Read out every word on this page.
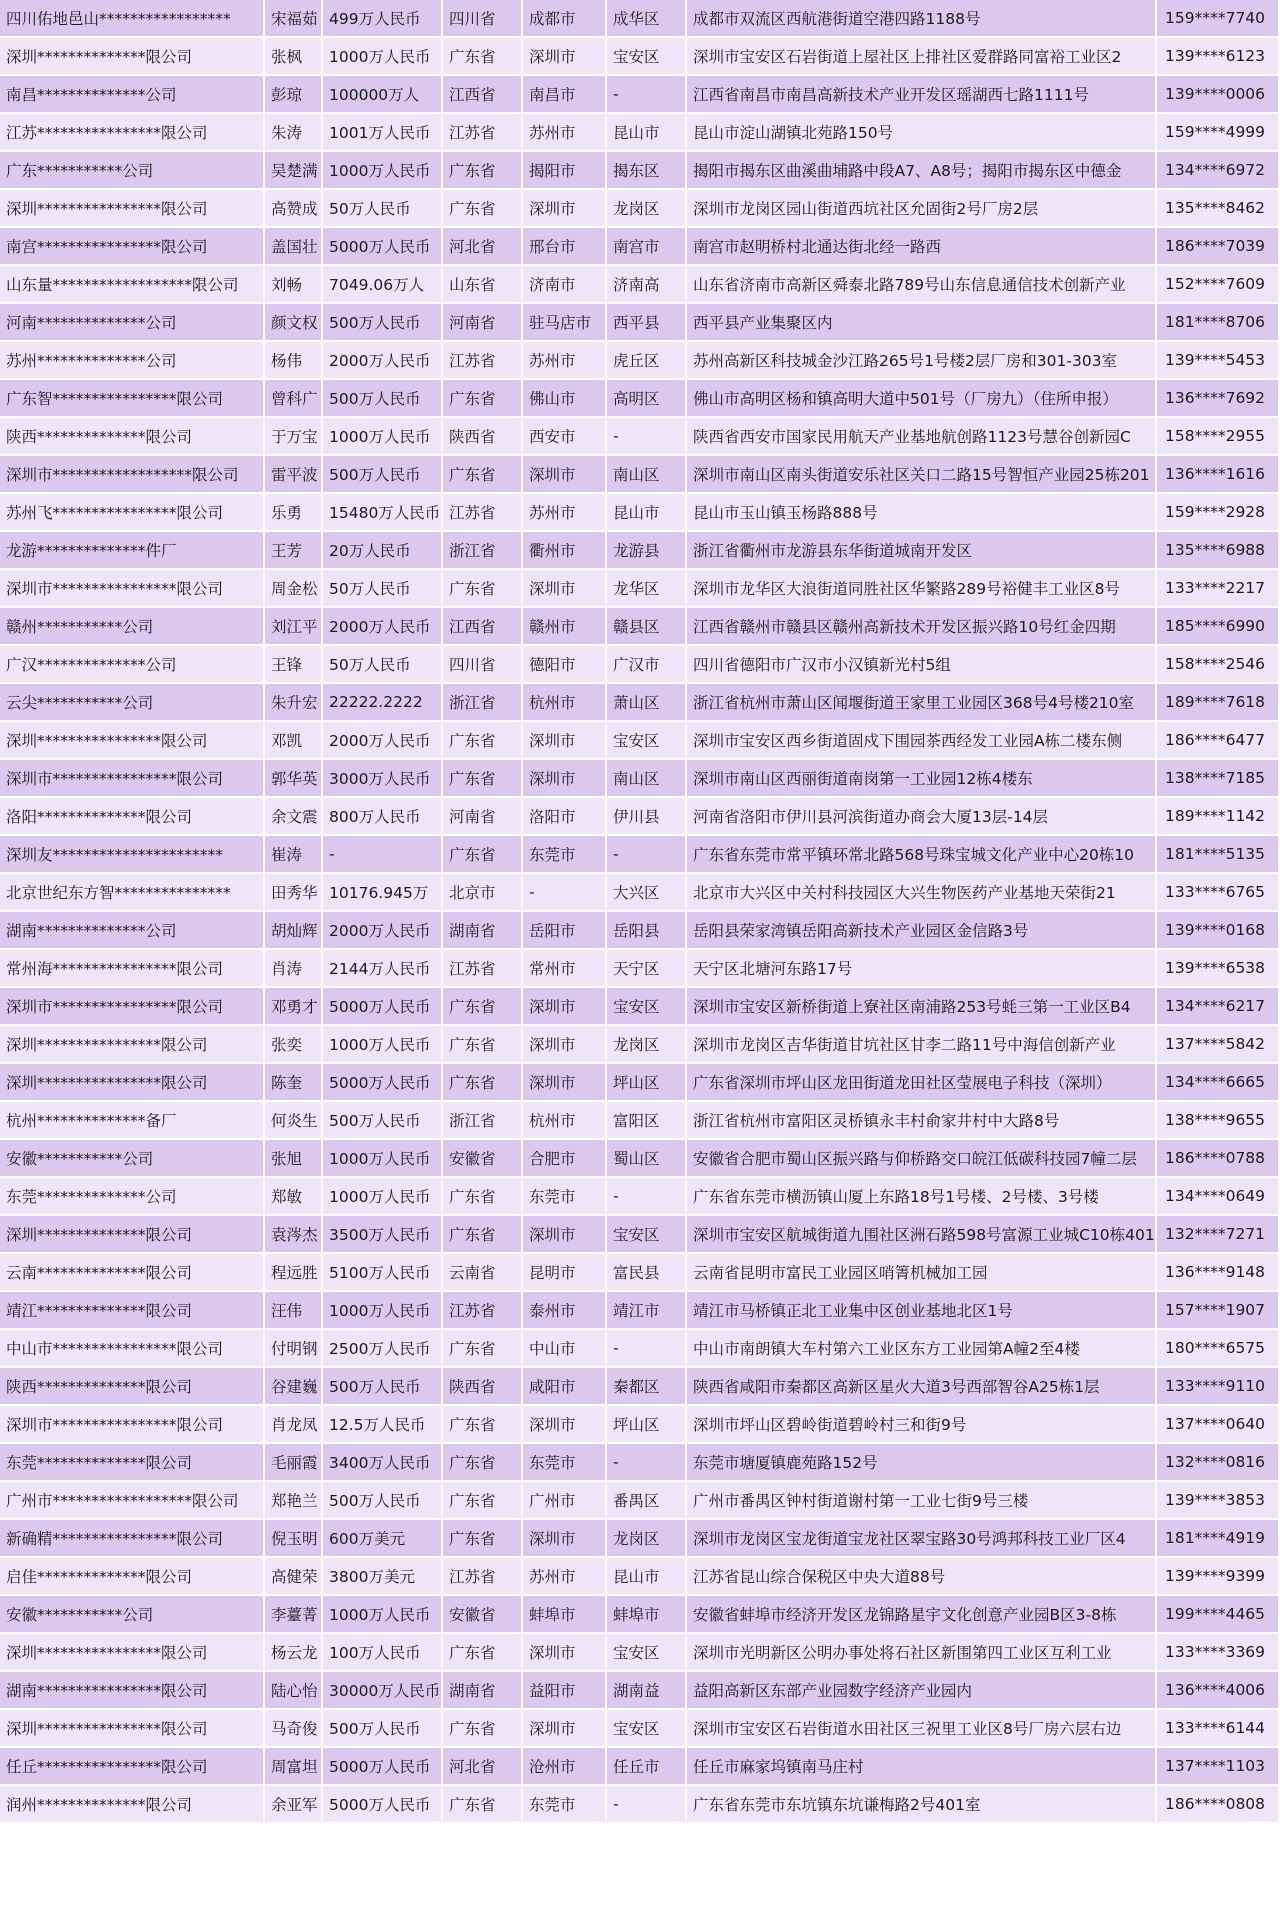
四川佑地邑山*****************	宋福茹	499万人民币	四川省	成都市	成华区	成都市双流区西航港街道空港四路1188号	159****7740
深圳**************限公司	张枫	1000万人民币	广东省	深圳市	宝安区	深圳市宝安区石岩街道上屋社区上排社区爱群路同富裕工业区2	139****6123
南昌**************公司	彭琼	100000万人	江西省	南昌市	-	江西省南昌市南昌高新技术产业开发区瑶湖西七路1111号	139****0006
江苏****************限公司	朱涛	1001万人民币	江苏省	苏州市	昆山市	昆山市淀山湖镇北苑路150号	159****4999
广东***********公司	吴楚满	1000万人民币	广东省	揭阳市	揭东区	揭阳市揭东区曲溪曲埔路中段A7、A8号；揭阳市揭东区中德金	134****6972
深圳****************限公司	高赞成	50万人民币	广东省	深圳市	龙岗区	深圳市龙岗区园山街道西坑社区允固街2号厂房2层	135****8462
南宫****************限公司	盖国壮	5000万人民币	河北省	邢台市	南宫市	南宫市赵明桥村北通达街北经一路西	186****7039
山东量******************限公司	刘畅	7049.06万人	山东省	济南市	济南高	山东省济南市高新区舜泰北路789号山东信息通信技术创新产业	152****7609
河南**************公司	颜文权	500万人民币	河南省	驻马店市	西平县	西平县产业集聚区内	181****8706
苏州**************公司	杨伟	2000万人民币	江苏省	苏州市	虎丘区	苏州高新区科技城金沙江路265号1号楼2层厂房和301-303室	139****5453
广东智****************限公司	曾科广	500万人民币	广东省	佛山市	高明区	佛山市高明区杨和镇高明大道中501号（厂房九）（住所申报）	136****7692
陕西**************限公司	于万宝	1000万人民币	陕西省	西安市	-	陕西省西安市国家民用航天产业基地航创路1123号慧谷创新园C	158****2955
深圳市******************限公司	雷平波	500万人民币	广东省	深圳市	南山区	深圳市南山区南头街道安乐社区关口二路15号智恒产业园25栋201	136****1616
苏州飞****************限公司	乐勇	15480万人民币	江苏省	苏州市	昆山市	昆山市玉山镇玉杨路888号	159****2928
龙游**************件厂	王芳	20万人民币	浙江省	衢州市	龙游县	浙江省衢州市龙游县东华街道城南开发区	135****6988
深圳市****************限公司	周金松	50万人民币	广东省	深圳市	龙华区	深圳市龙华区大浪街道同胜社区华繁路289号裕健丰工业区8号	133****2217
赣州***********公司	刘江平	2000万人民币	江西省	赣州市	赣县区	江西省赣州市赣县区赣州高新技术开发区振兴路10号红金四期	185****6990
广汉**************公司	王锋	50万人民币	四川省	德阳市	广汉市	四川省德阳市广汉市小汉镇新光村5组	158****2546
云尖***********公司	朱升宏	22222.2222	浙江省	杭州市	萧山区	浙江省杭州市萧山区闻堰街道王家里工业园区368号4号楼210室	189****7618
深圳****************限公司	邓凯	2000万人民币	广东省	深圳市	宝安区	深圳市宝安区西乡街道固戍下围园茶西经发工业园A栋二楼东侧	186****6477
深圳市****************限公司	郭华英	3000万人民币	广东省	深圳市	南山区	深圳市南山区西丽街道南岗第一工业园12栋4楼东	138****7185
洛阳**************限公司	余文震	800万人民币	河南省	洛阳市	伊川县	河南省洛阳市伊川县河滨街道办商会大厦13层-14层	189****1142
深圳友**********************	崔涛	-	广东省	东莞市	-	广东省东莞市常平镇环常北路568号珠宝城文化产业中心20栋10	181****5135
北京世纪东方智***************	田秀华	10176.945万	北京市	-	大兴区	北京市大兴区中关村科技园区大兴生物医药产业基地天荣街21	133****6765
湖南**************公司	胡灿辉	2000万人民币	湖南省	岳阳市	岳阳县	岳阳县荣家湾镇岳阳高新技术产业园区金信路3号	139****0168
常州海****************限公司	肖涛	2144万人民币	江苏省	常州市	天宁区	天宁区北塘河东路17号	139****6538
深圳市****************限公司	邓勇才	5000万人民币	广东省	深圳市	宝安区	深圳市宝安区新桥街道上寮社区南浦路253号蚝三第一工业区B4	134****6217
深圳****************限公司	张奕	1000万人民币	广东省	深圳市	龙岗区	深圳市龙岗区吉华街道甘坑社区甘李二路11号中海信创新产业	137****5842
深圳****************限公司	陈奎	5000万人民币	广东省	深圳市	坪山区	广东省深圳市坪山区龙田街道龙田社区莹展电子科技（深圳）	134****6665
杭州**************备厂	何炎生	500万人民币	浙江省	杭州市	富阳区	浙江省杭州市富阳区灵桥镇永丰村俞家井村中大路8号	138****9655
安徽***********公司	张旭	1000万人民币	安徽省	合肥市	蜀山区	安徽省合肥市蜀山区振兴路与仰桥路交口皖江低碳科技园7幢二层	186****0788
东莞**************公司	郑敏	1000万人民币	广东省	东莞市	-	广东省东莞市横沥镇山厦上东路18号1号楼、2号楼、3号楼	134****0649
深圳**************限公司	袁涔杰	3500万人民币	广东省	深圳市	宝安区	深圳市宝安区航城街道九围社区洲石路598号富源工业城C10栋401	132****7271
云南**************限公司	程远胜	5100万人民币	云南省	昆明市	富民县	云南省昆明市富民工业园区哨箐机械加工园	136****9148
靖江**************限公司	汪伟	1000万人民币	江苏省	泰州市	靖江市	靖江市马桥镇正北工业集中区创业基地北区1号	157****1907
中山市****************限公司	付明钢	2500万人民币	广东省	中山市	-	中山市南朗镇大车村第六工业区东方工业园第A幢2至4楼	180****6575
陕西**************限公司	谷建巍	500万人民币	陕西省	咸阳市	秦都区	陕西省咸阳市秦都区高新区星火大道3号西部智谷A25栋1层	133****9110
深圳市****************限公司	肖龙凤	12.5万人民币	广东省	深圳市	坪山区	深圳市坪山区碧岭街道碧岭村三和街9号	137****0640
东莞**************限公司	毛丽霞	3400万人民币	广东省	东莞市	-	东莞市塘厦镇鹿苑路152号	132****0816
广州市******************限公司	郑艳兰	500万人民币	广东省	广州市	番禺区	广州市番禺区钟村街道谢村第一工业七街9号三楼	139****3853
新确精****************限公司	倪玉明	600万美元	广东省	深圳市	龙岗区	深圳市龙岗区宝龙街道宝龙社区翠宝路30号鸿邦科技工业厂区4	181****4919
启佳**************限公司	高健荣	3800万美元	江苏省	苏州市	昆山市	江苏省昆山综合保税区中央大道88号	139****9399
安徽***********公司	李薹菁	1000万人民币	安徽省	蚌埠市	蚌埠市	安徽省蚌埠市经济开发区龙锦路星宇文化创意产业园B区3-8栋	199****4465
深圳****************限公司	杨云龙	100万人民币	广东省	深圳市	宝安区	深圳市光明新区公明办事处将石社区新围第四工业区互利工业	133****3369
湖南****************限公司	陆心怡	30000万人民币	湖南省	益阳市	湖南益	益阳高新区东部产业园数字经济产业园内	136****4006
深圳****************限公司	马奇俊	500万人民币	广东省	深圳市	宝安区	深圳市宝安区石岩街道水田社区三祝里工业区8号厂房六层右边	133****6144
任丘****************限公司	周富坦	5000万人民币	河北省	沧州市	任丘市	任丘市麻家坞镇南马庄村	137****1103
润州**************限公司	余亚军	5000万人民币	广东省	东莞市	-	广东省东莞市东坑镇东坑谦梅路2号401室	186****0808
